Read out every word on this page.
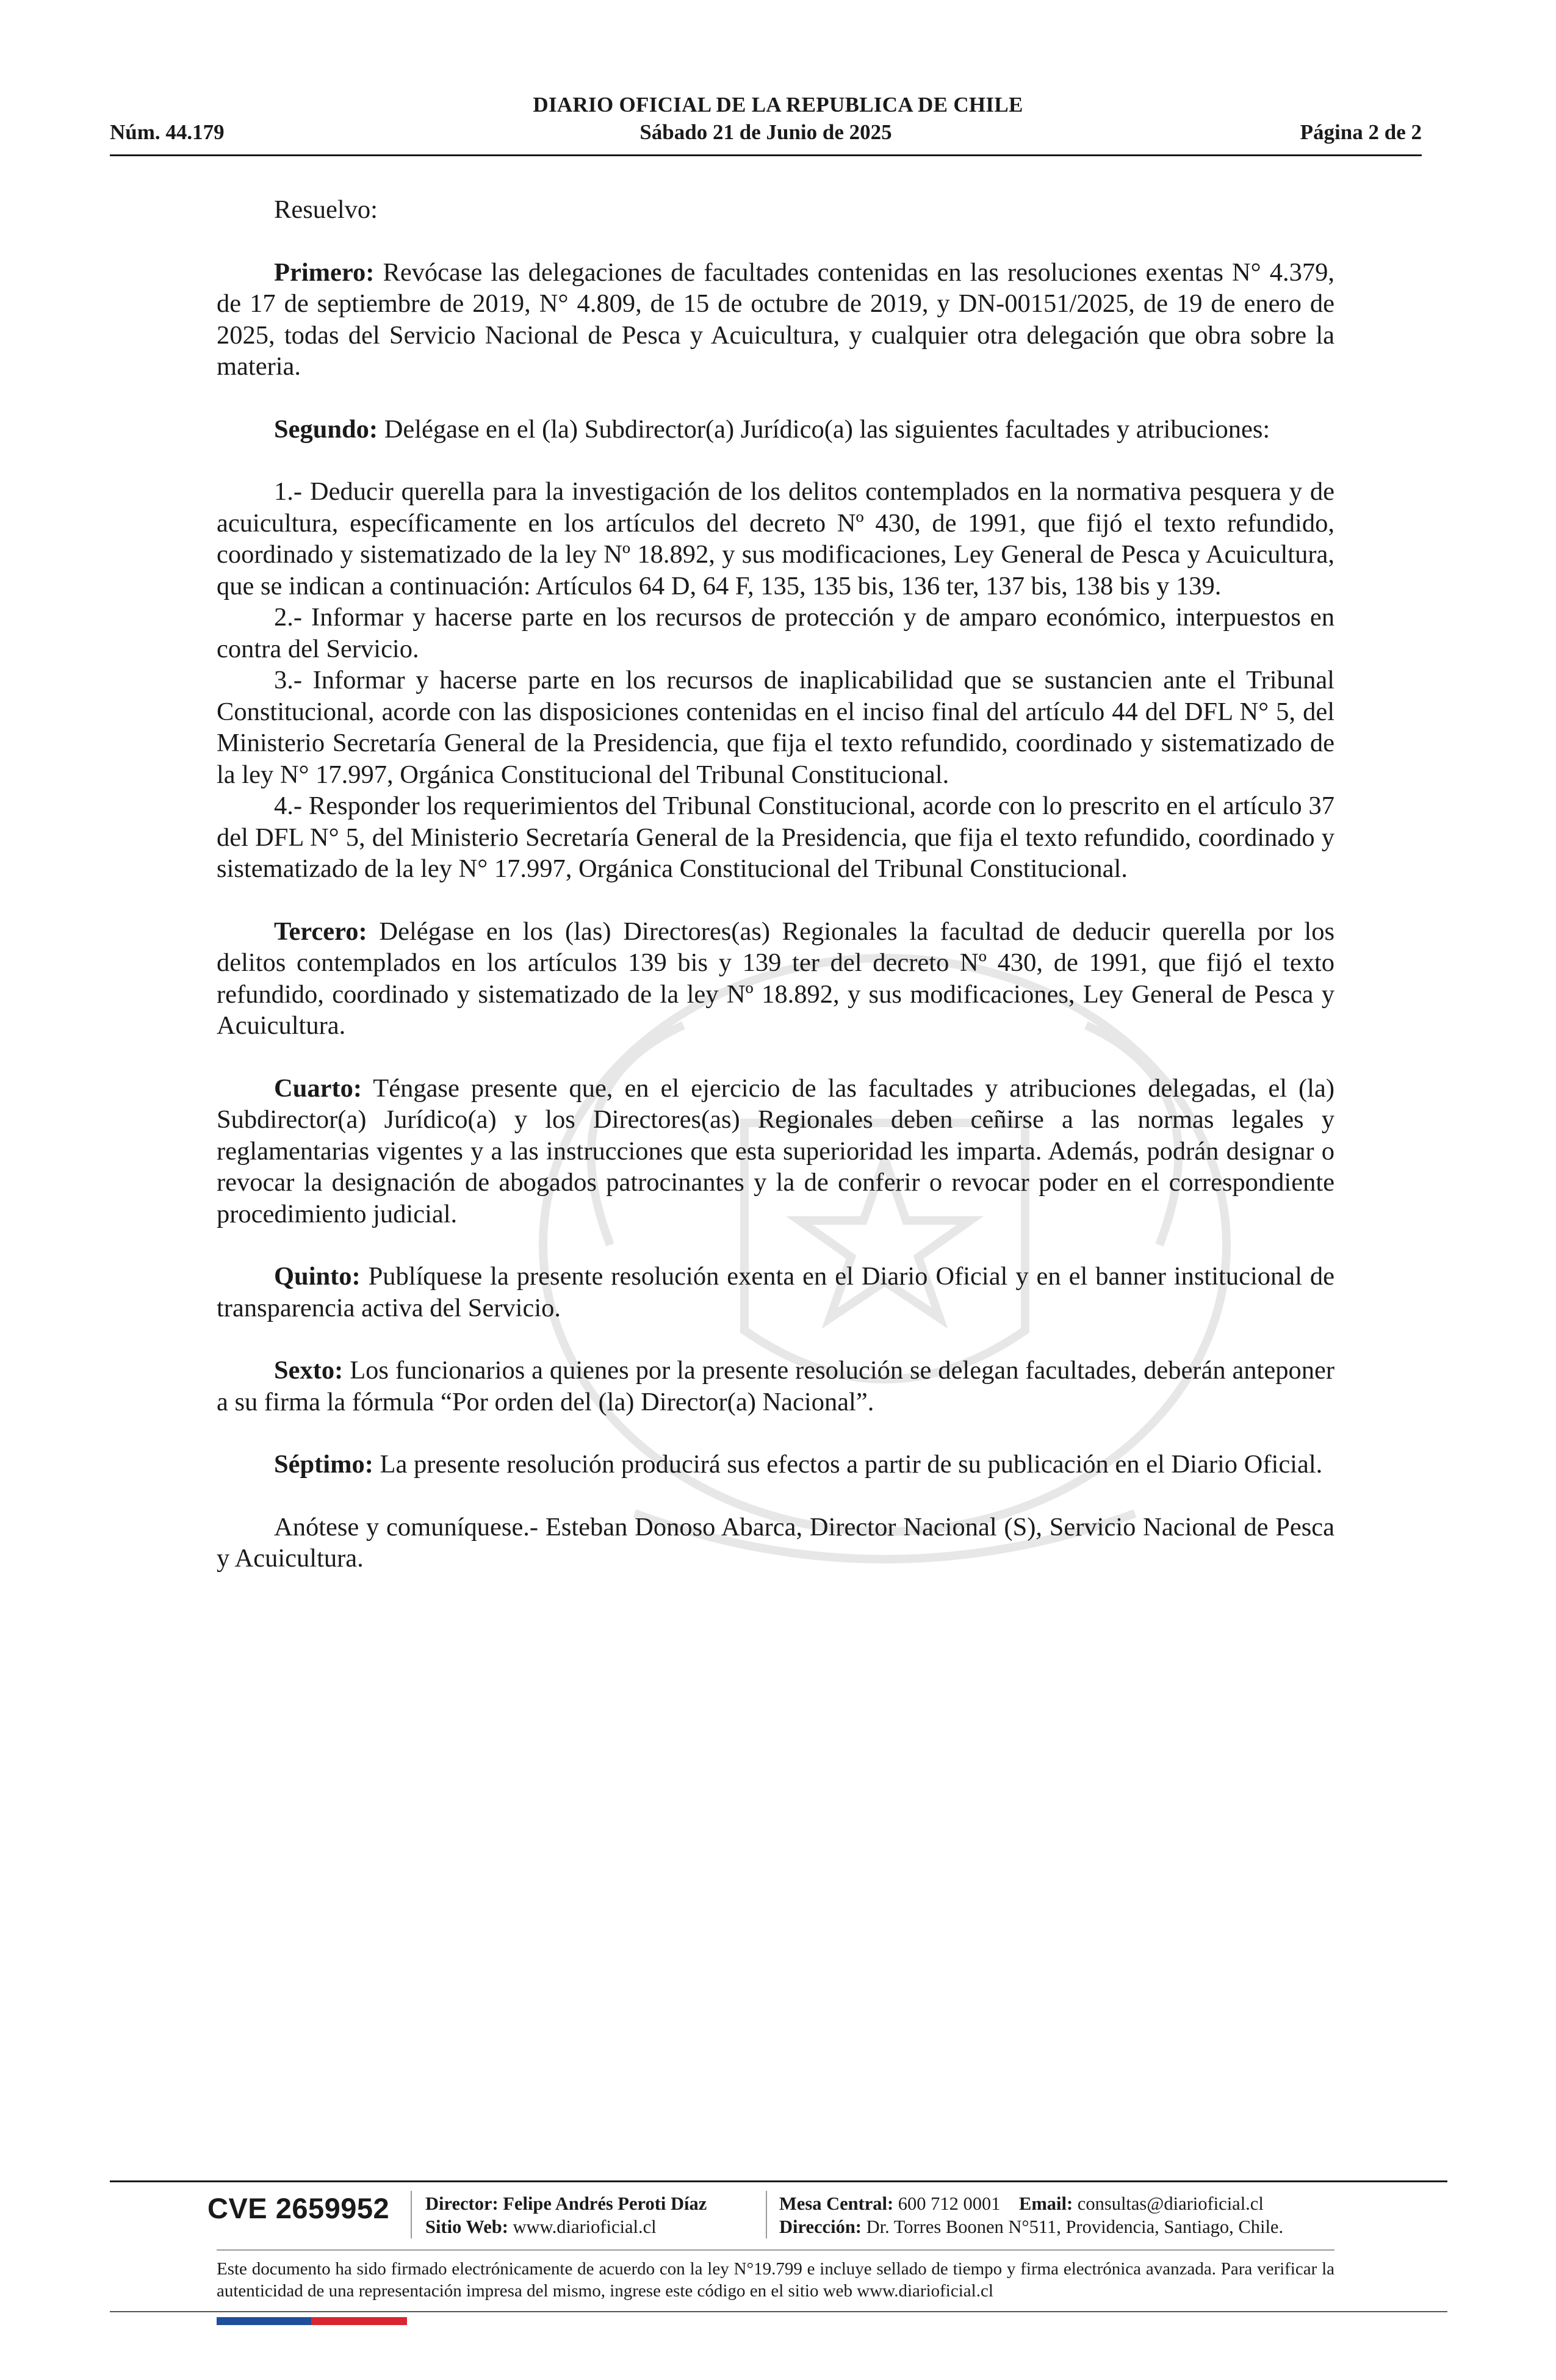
DIARIO OFICIAL DE LA REPUBLICA DE CHILE
Sábado 21 de Junio de 2025
Núm. 44.179	Página 2 de 2

Resuelvo:

Primero: Revócase las delegaciones de facultades contenidas en las resoluciones exentas N° 4.379, de 17 de septiembre de 2019, N° 4.809, de 15 de octubre de 2019, y DN-00151/2025, de 19 de enero de 2025, todas del Servicio Nacional de Pesca y Acuicultura, y cualquier otra delegación que obra sobre la materia.

Segundo: Delégase en el (la) Subdirector(a) Jurídico(a) las siguientes facultades y atribuciones:

1.- Deducir querella para la investigación de los delitos contemplados en la normativa pesquera y de acuicultura, específicamente en los artículos del decreto Nº 430, de 1991, que fijó el texto refundido, coordinado y sistematizado de la ley Nº 18.892, y sus modificaciones, Ley General de Pesca y Acuicultura, que se indican a continuación: Artículos 64 D, 64 F, 135, 135 bis, 136 ter, 137 bis, 138 bis y 139.

2.- Informar y hacerse parte en los recursos de protección y de amparo económico, interpuestos en contra del Servicio.

3.- Informar y hacerse parte en los recursos de inaplicabilidad que se sustancien ante el Tribunal Constitucional, acorde con las disposiciones contenidas en el inciso final del artículo 44 del DFL N° 5, del Ministerio Secretaría General de la Presidencia, que fija el texto refundido, coordinado y sistematizado de la ley N° 17.997, Orgánica Constitucional del Tribunal Constitucional.

4.- Responder los requerimientos del Tribunal Constitucional, acorde con lo prescrito en el artículo 37 del DFL N° 5, del Ministerio Secretaría General de la Presidencia, que fija el texto refundido, coordinado y sistematizado de la ley N° 17.997, Orgánica Constitucional del Tribunal Constitucional.

Tercero: Delégase en los (las) Directores(as) Regionales la facultad de deducir querella por los delitos contemplados en los artículos 139 bis y 139 ter del decreto Nº 430, de 1991, que fijó el texto refundido, coordinado y sistematizado de la ley Nº 18.892, y sus modificaciones, Ley General de Pesca y Acuicultura.

Cuarto: Téngase presente que, en el ejercicio de las facultades y atribuciones delegadas, el (la) Subdirector(a) Jurídico(a) y los Directores(as) Regionales deben ceñirse a las normas legales y reglamentarias vigentes y a las instrucciones que esta superioridad les imparta. Además, podrán designar o revocar la designación de abogados patrocinantes y la de conferir o revocar poder en el correspondiente procedimiento judicial.

Quinto: Publíquese la presente resolución exenta en el Diario Oficial y en el banner institucional de transparencia activa del Servicio.

Sexto: Los funcionarios a quienes por la presente resolución se delegan facultades, deberán anteponer a su firma la fórmula “Por orden del (la) Director(a) Nacional”.

Séptimo: La presente resolución producirá sus efectos a partir de su publicación en el Diario Oficial.

Anótese y comuníquese.- Esteban Donoso Abarca, Director Nacional (S), Servicio Nacional de Pesca y Acuicultura.

CVE 2659952 Director: Felipe Andrés Peroti Díaz
Sitio Web: www.diarioficial.cl
Mesa Central: 600 712 0001 Email: consultas@diarioficial.cl
Dirección: Dr. Torres Boonen N°511, Providencia, Santiago, Chile.
Este documento ha sido firmado electrónicamente de acuerdo con la ley N°19.799 e incluye sellado de tiempo y firma electrónica avanzada. Para verificar la autenticidad de una representación impresa del mismo, ingrese este código en el sitio web www.diarioficial.cl
